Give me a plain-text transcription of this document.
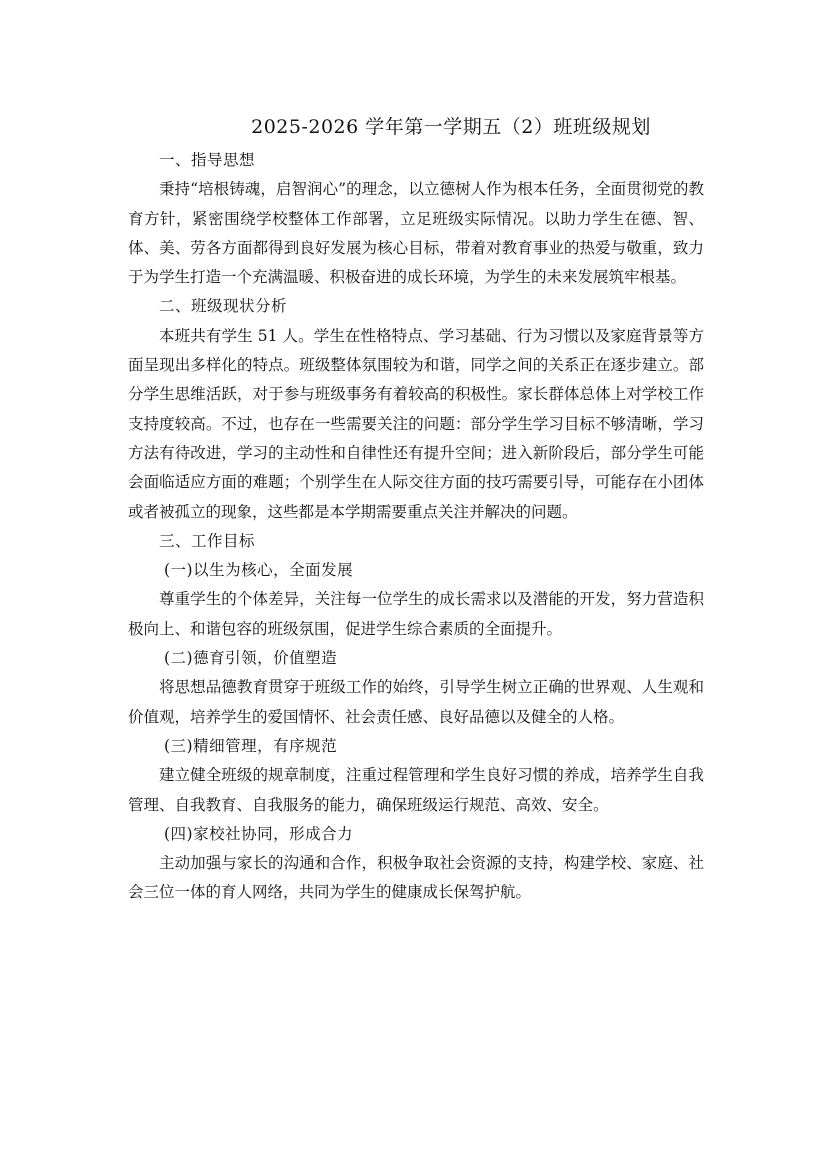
2025-2026 学年第一学期五（2）班班级规划

一、指导思想

秉持“培根铸魂，启智润心”的理念，以立德树人作为根本任务，全面贯彻党的教育方针，紧密围绕学校整体工作部署，立足班级实际情况。以助力学生在德、智、体、美、劳各方面都得到良好发展为核心目标，带着对教育事业的热爱与敬重，致力于为学生打造一个充满温暖、积极奋进的成长环境，为学生的未来发展筑牢根基。

二、班级现状分析

本班共有学生 51 人。学生在性格特点、学习基础、行为习惯以及家庭背景等方面呈现出多样化的特点。班级整体氛围较为和谐，同学之间的关系正在逐步建立。部分学生思维活跃，对于参与班级事务有着较高的积极性。家长群体总体上对学校工作支持度较高。不过，也存在一些需要关注的问题：部分学生学习目标不够清晰，学习方法有待改进，学习的主动性和自律性还有提升空间；进入新阶段后，部分学生可能会面临适应方面的难题；个别学生在人际交往方面的技巧需要引导，可能存在小团体或者被孤立的现象，这些都是本学期需要重点关注并解决的问题。

三、工作目标

(一)以生为核心，全面发展

尊重学生的个体差异，关注每一位学生的成长需求以及潜能的开发，努力营造积极向上、和谐包容的班级氛围，促进学生综合素质的全面提升。

(二)德育引领，价值塑造

将思想品德教育贯穿于班级工作的始终，引导学生树立正确的世界观、人生观和价值观，培养学生的爱国情怀、社会责任感、良好品德以及健全的人格。

(三)精细管理，有序规范

建立健全班级的规章制度，注重过程管理和学生良好习惯的养成，培养学生自我管理、自我教育、自我服务的能力，确保班级运行规范、高效、安全。

(四)家校社协同，形成合力

主动加强与家长的沟通和合作，积极争取社会资源的支持，构建学校、家庭、社会三位一体的育人网络，共同为学生的健康成长保驾护航。
